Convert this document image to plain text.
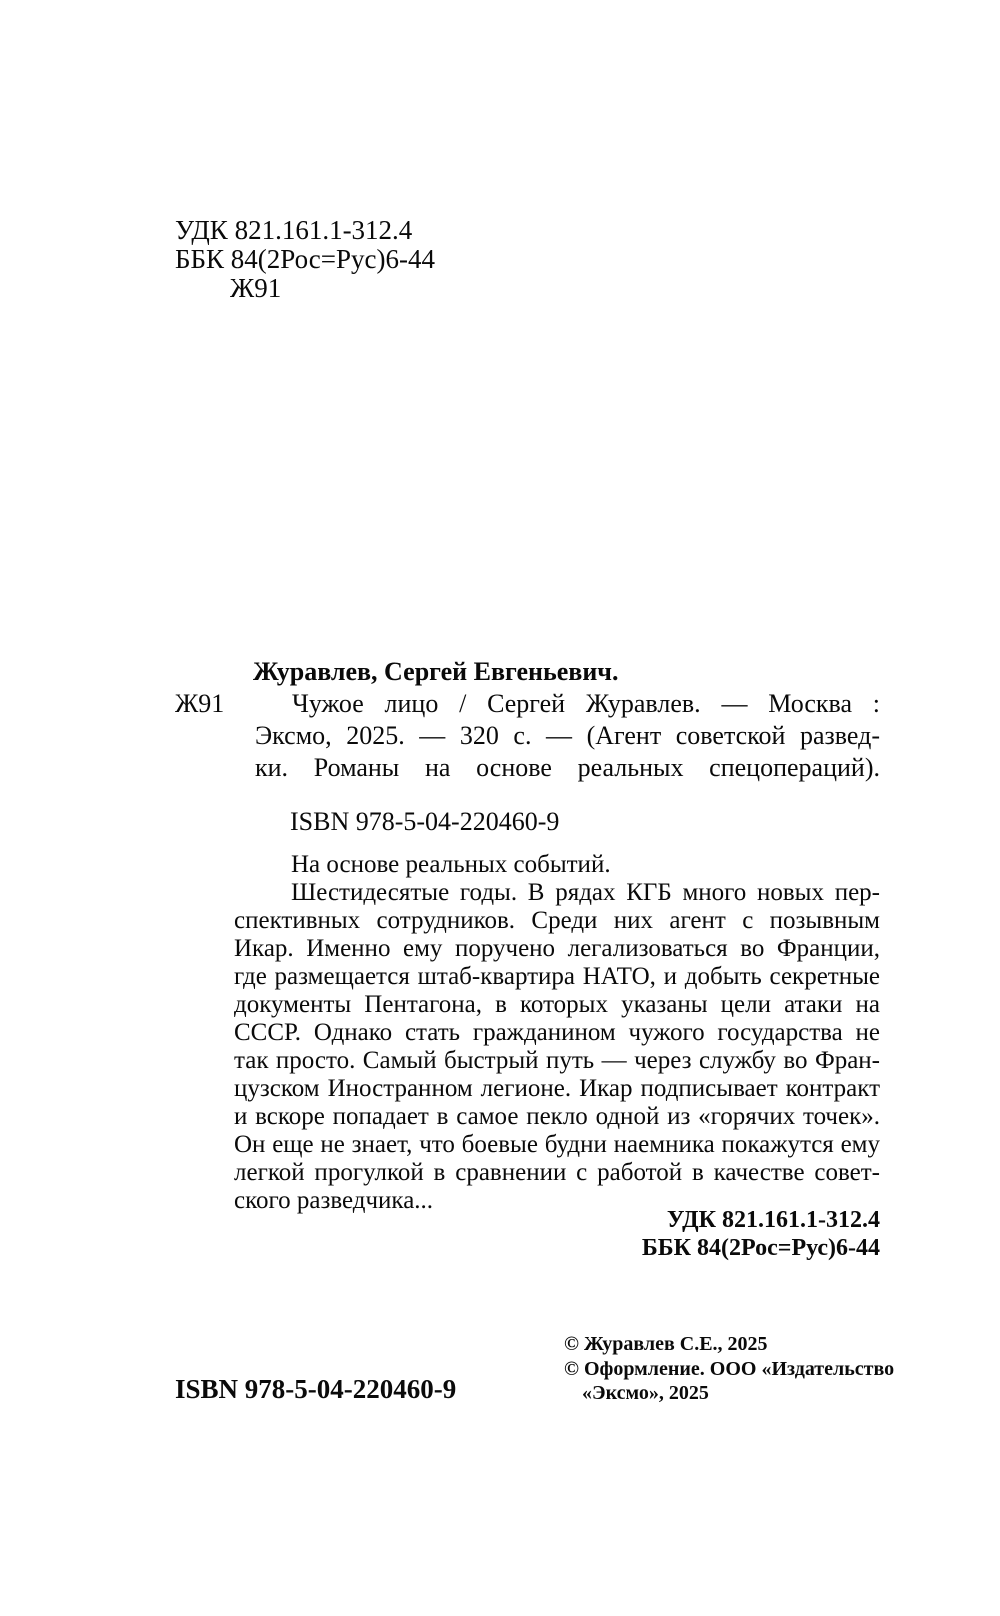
УДК 821.161.1-312.4
ББК 84(2Рос=Рус)6-44
Ж91
Журавлев, Сергей Евгеньевич.
Ж91	Чужое лицо / Сергей Журавлев. — Москва :
Эксмо, 2025. — 320 с. — (Агент советской развед-
ки. Романы на основе реальных спецопераций).
ISBN 978-5-04-220460-9
На основе реальных событий.
Шестидесятые годы. В рядах КГБ много новых пер-
спективных сотрудников. Среди них агент с позывным
Икар. Именно ему поручено легализоваться во Франции,
где размещается штаб-квартира НАТО, и добыть секретные
документы Пентагона, в которых указаны цели атаки на
СССР. Однако стать гражданином чужого государства не
так просто. Самый быстрый путь — через службу во Фран-
цузском Иностранном легионе. Икар подписывает контракт
и вскоре попадает в самое пекло одной из «горячих точек».
Он еще не знает, что боевые будни наемника покажутся ему
легкой прогулкой в сравнении с работой в качестве совет-
ского разведчика...
УДК 821.161.1-312.4
ББК 84(2Рос=Рус)6-44
ISBN 978-5-04-220460-9
© Журавлев С.Е., 2025
© Оформление. ООО «Издательство
«Эксмо», 2025
